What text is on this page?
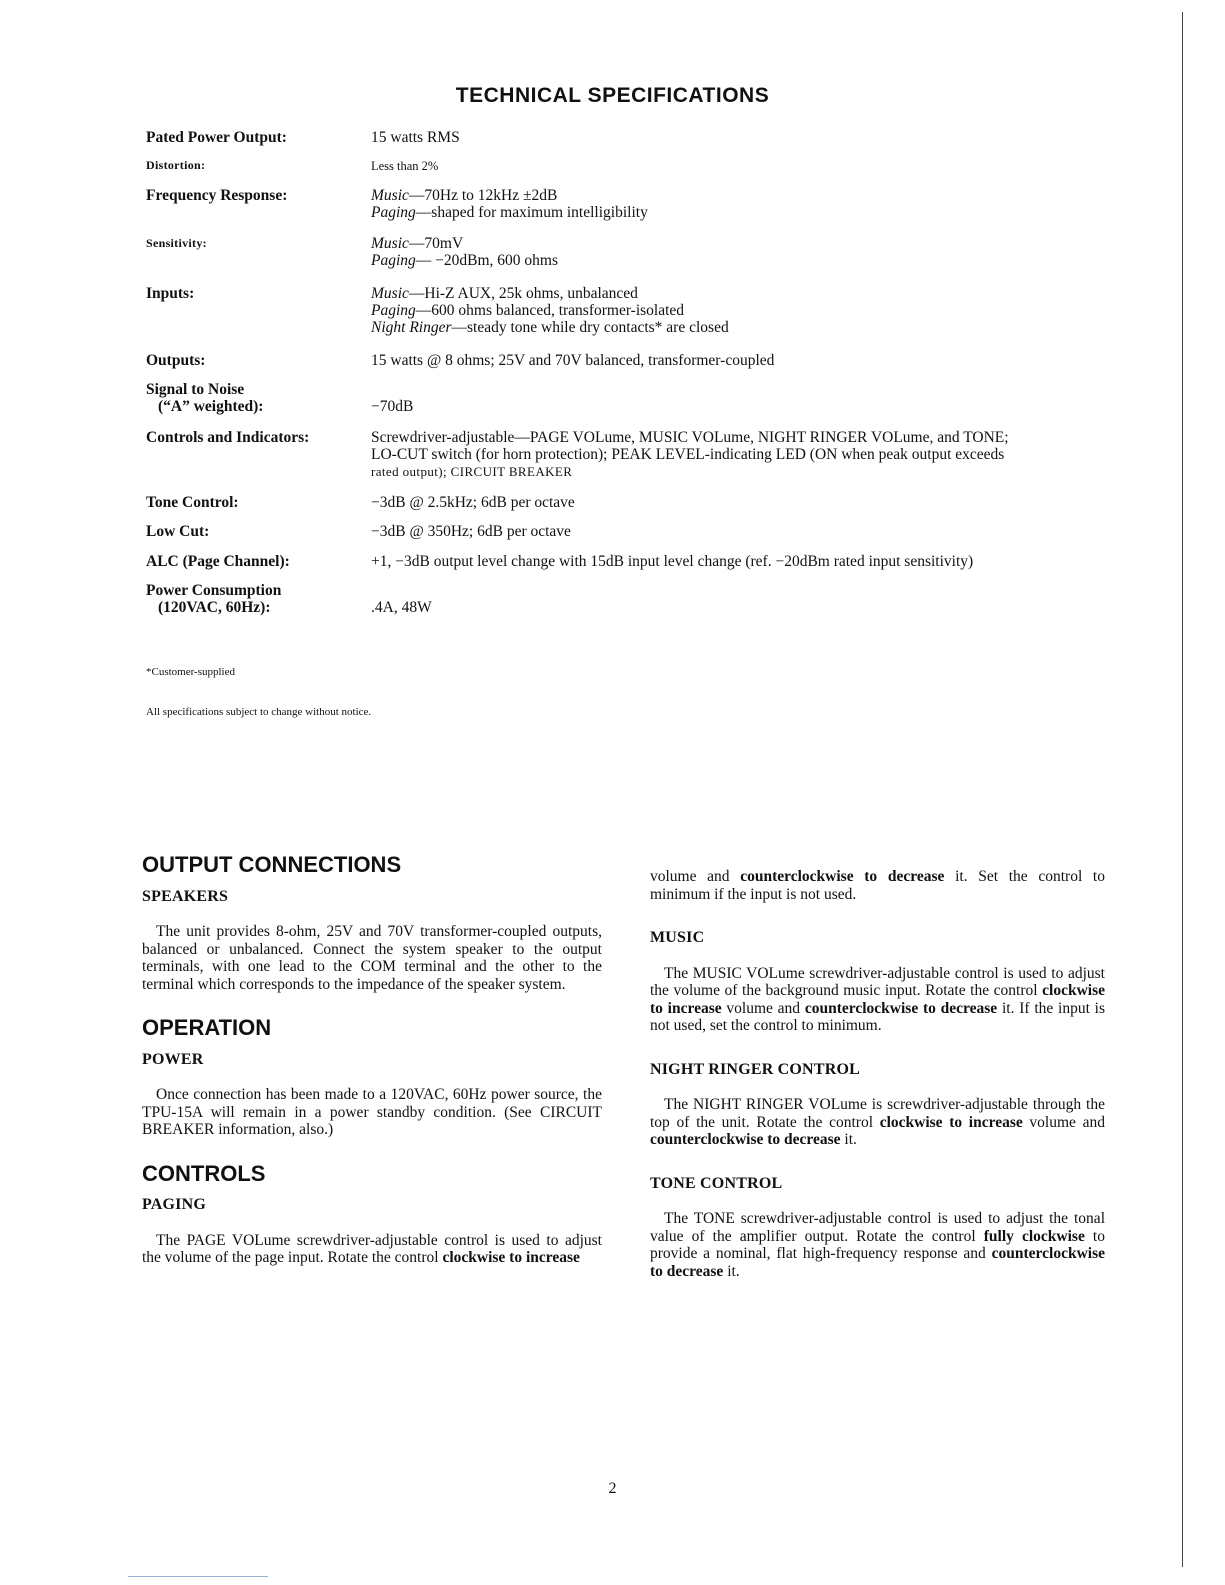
TECHNICAL SPECIFICATIONS
Pated Power Output:	15 watts RMS
Distortion:	Less than 2%
Frequency Response:	Music—70Hz to 12kHz ±2dB
Paging—shaped for maximum intelligibility
Sensitivity:	Music—70mV
Paging— −20dBm, 600 ohms
Inputs:	Music—Hi-Z AUX, 25k ohms, unbalanced
Paging—600 ohms balanced, transformer-isolated
Night Ringer—steady tone while dry contacts* are closed
Outputs:	15 watts @ 8 ohms; 25V and 70V balanced, transformer-coupled
Signal to Noise
(“A” weighted):	−70dB
Controls and Indicators:	Screwdriver-adjustable—PAGE VOLume, MUSIC VOLume, NIGHT RINGER VOLume, and TONE;
LO-CUT switch (for horn protection); PEAK LEVEL-indicating LED (ON when peak output exceeds
rated output); CIRCUIT BREAKER
Tone Control:	−3dB @ 2.5kHz; 6dB per octave
Low Cut:	−3dB @ 350Hz; 6dB per octave
ALC (Page Channel):	+1, −3dB output level change with 15dB input level change (ref. −20dBm rated input sensitivity)
Power Consumption
(120VAC, 60Hz):	.4A, 48W
*Customer-supplied
All specifications subject to change without notice.
OUTPUT CONNECTIONS
SPEAKERS

The unit provides 8-ohm, 25V and 70V transformer-coupled outputs, balanced or unbalanced. Connect the system speaker to the output terminals, with one lead to the COM terminal and the other to the terminal which corresponds to the impedance of the speaker system.

OPERATION
POWER

Once connection has been made to a 120VAC, 60Hz power source, the TPU-15A will remain in a power standby condition. (See CIRCUIT BREAKER information, also.)

CONTROLS
PAGING

The PAGE VOLume screwdriver-adjustable control is used to adjust the volume of the page input. Rotate the control clockwise to increase

volume and counterclockwise to decrease it. Set the control to minimum if the input is not used.

MUSIC

The MUSIC VOLume screwdriver-adjustable control is used to adjust the volume of the background music input. Rotate the control clockwise to increase volume and counterclockwise to decrease it. If the input is not used, set the control to minimum.

NIGHT RINGER CONTROL

The NIGHT RINGER VOLume is screwdriver-adjustable through the top of the unit. Rotate the control clockwise to increase volume and counterclockwise to decrease it.

TONE CONTROL

The TONE screwdriver-adjustable control is used to adjust the tonal value of the amplifier output. Rotate the control fully clockwise to provide a nominal, flat high-frequency response and counterclockwise to decrease it.

2
